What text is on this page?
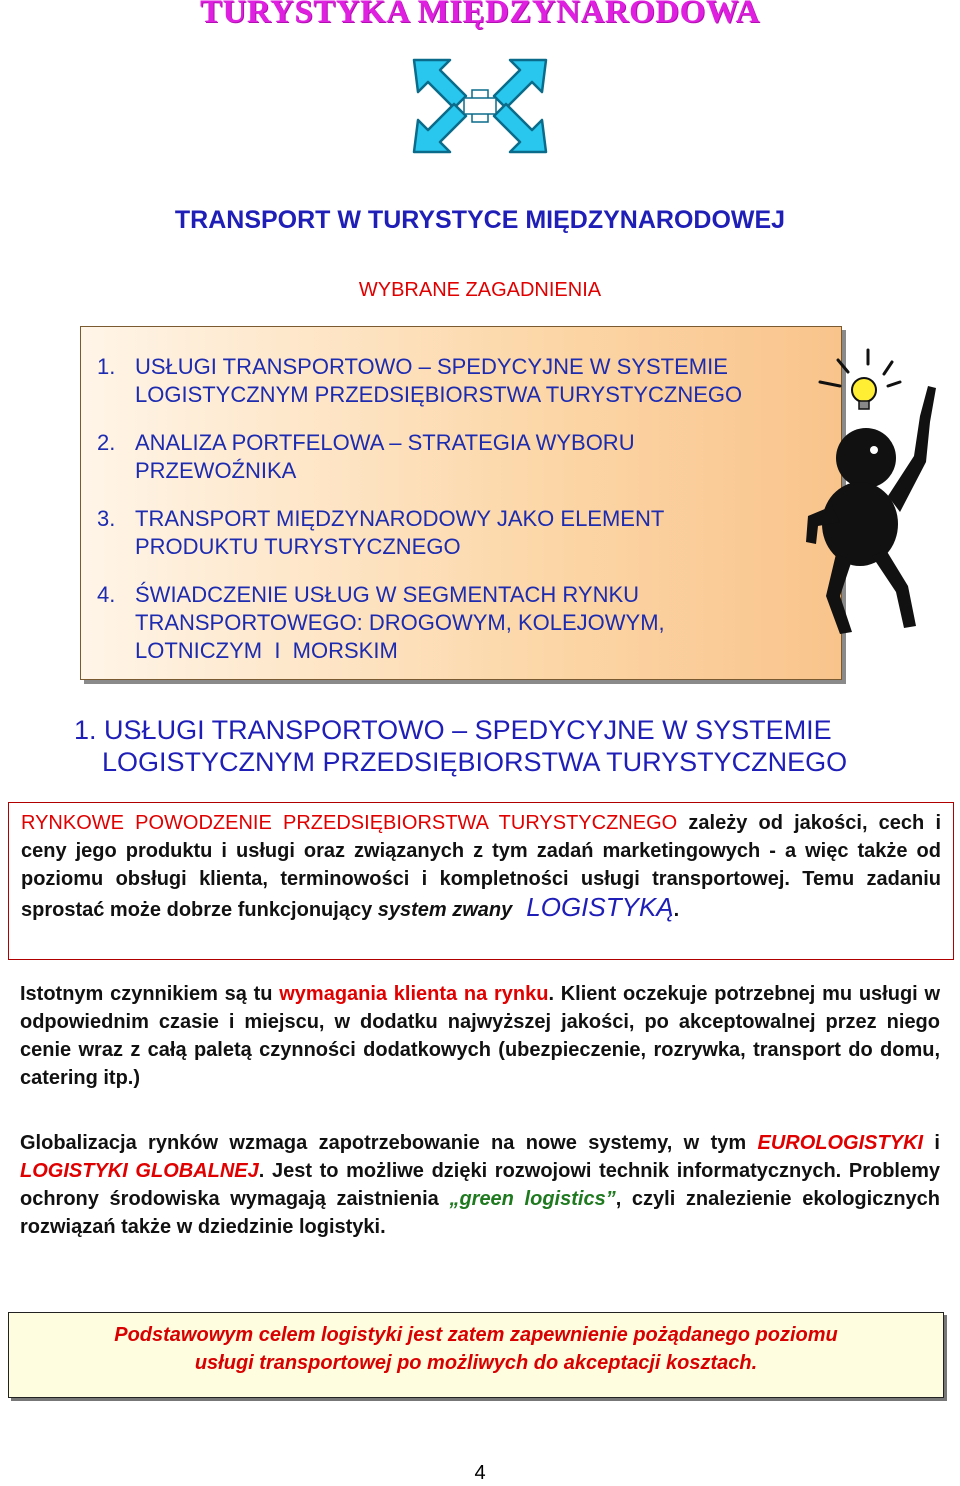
TURYSTYKA MIĘDZYNARODOWA
TRANSPORT W TURYSTYCE MIĘDZYNARODOWEJ
WYBRANE ZAGADNIENIA
1. USŁUGI TRANSPORTOWO – SPEDYCYJNE W SYSTEMIE
LOGISTYCZNYM PRZEDSIĘBIORSTWA TURYSTYCZNEGO
2. ANALIZA PORTFELOWA – STRATEGIA WYBORU
PRZEWOŹNIKA
3. TRANSPORT MIĘDZYNARODOWY JAKO ELEMENT
PRODUKTU TURYSTYCZNEGO
4. ŚWIADCZENIE USŁUG W SEGMENTACH RYNKU
TRANSPORTOWEGO: DROGOWYM, KOLEJOWYM,
LOTNICZYM  I  MORSKIM
1. USŁUGI TRANSPORTOWO – SPEDYCYJNE W SYSTEMIE
LOGISTYCZNYM PRZEDSIĘBIORSTWA TURYSTYCZNEGO
RYNKOWE POWODZENIE PRZEDSIĘBIORSTWA TURYSTYCZNEGO zależy od jakości, cech i ceny jego produktu i usługi oraz związanych z tym zadań marketingowych - a więc także od poziomu obsługi klienta, terminowości i kompletności usługi transportowej. Temu zadaniu sprostać może dobrze funkcjonujący system zwany LOGISTYKĄ.
Istotnym czynnikiem są tu wymagania klienta na rynku. Klient oczekuje potrzebnej mu usługi w odpowiednim czasie i miejscu, w dodatku najwyższej jakości, po akceptowalnej przez niego cenie wraz z całą paletą czynności dodatkowych (ubezpieczenie, rozrywka, transport do domu, catering itp.)
Globalizacja rynków wzmaga zapotrzebowanie na nowe systemy, w tym EUROLOGISTYKI i LOGISTYKI GLOBALNEJ. Jest to możliwe dzięki rozwojowi technik informatycznych. Problemy ochrony środowiska wymagają zaistnienia „green logistics”, czyli znalezienie ekologicznych rozwiązań także w dziedzinie logistyki.
Podstawowym celem logistyki jest zatem zapewnienie pożądanego poziomu
usługi transportowej po możliwych do akceptacji kosztach.
4
